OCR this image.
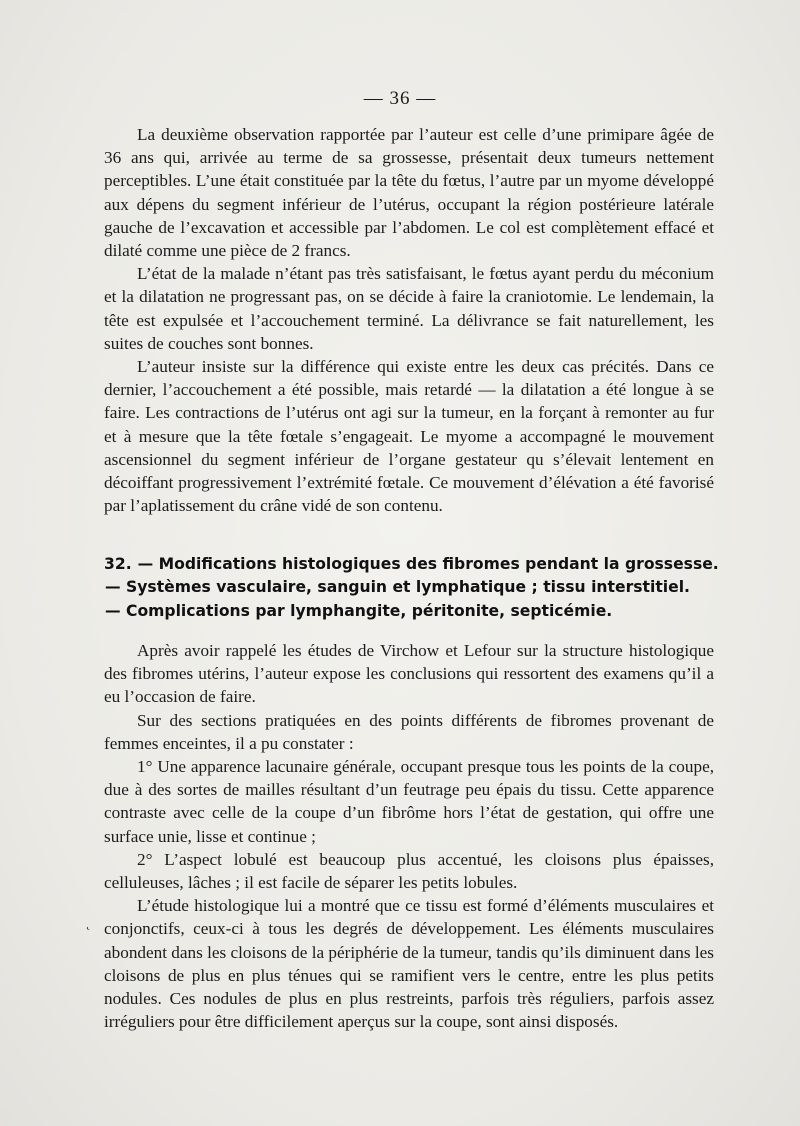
— 36 —

La deuxième observation rapportée par l’auteur est celle d’une primipare âgée de 36 ans qui, arrivée au terme de sa grossesse, présentait deux tumeurs nettement perceptibles. L’une était constituée par la tête du fœtus, l’autre par un myome développé aux dépens du segment inférieur de l’utérus, occupant la région postérieure latérale gauche de l’excavation et accessible par l’abdomen. Le col est complètement effacé et dilaté comme une pièce de 2 francs.

L’état de la malade n’étant pas très satisfaisant, le fœtus ayant perdu du méconium et la dilatation ne progressant pas, on se décide à faire la craniotomie. Le lendemain, la tête est expulsée et l’accouchement terminé. La délivrance se fait naturellement, les suites de couches sont bonnes.

L’auteur insiste sur la différence qui existe entre les deux cas précités. Dans ce dernier, l’accouchement a été possible, mais retardé — la dilatation a été longue à se faire. Les contractions de l’utérus ont agi sur la tumeur, en la forçant à remonter au fur et à mesure que la tête fœtale s’engageait. Le myome a accompagné le mouvement ascensionnel du segment inférieur de l’organe gestateur qu s’élevait lentement en décoiffant progressivement l’extrémité fœtale. Ce mouvement d’élévation a été favorisé par l’aplatissement du crâne vidé de son contenu.

32. — Modifications histologiques des fibromes pendant la grossesse.
— Systèmes vasculaire, sanguin et lymphatique ; tissu interstitiel.
— Complications par lymphangite, péritonite, septicémie.

Après avoir rappelé les études de Virchow et Lefour sur la structure histologique des fibromes utérins, l’auteur expose les conclusions qui ressortent des examens qu’il a eu l’occasion de faire.

Sur des sections pratiquées en des points différents de fibromes provenant de femmes enceintes, il a pu constater :

1° Une apparence lacunaire générale, occupant presque tous les points de la coupe, due à des sortes de mailles résultant d’un feutrage peu épais du tissu. Cette apparence contraste avec celle de la coupe d’un fibrôme hors l’état de gestation, qui offre une surface unie, lisse et continue ;

2° L’aspect lobulé est beaucoup plus accentué, les cloisons plus épaisses, celluleuses, lâches ; il est facile de séparer les petits lobules.

L’étude histologique lui a montré que ce tissu est formé d’éléments musculaires et conjonctifs, ceux-ci à tous les degrés de développement. Les éléments musculaires abondent dans les cloisons de la périphérie de la tumeur, tandis qu’ils diminuent dans les cloisons de plus en plus ténues qui se ramifient vers le centre, entre les plus petits nodules. Ces nodules de plus en plus restreints, parfois très réguliers, parfois assez irréguliers pour être difficilement aperçus sur la coupe, sont ainsi disposés.

˛
